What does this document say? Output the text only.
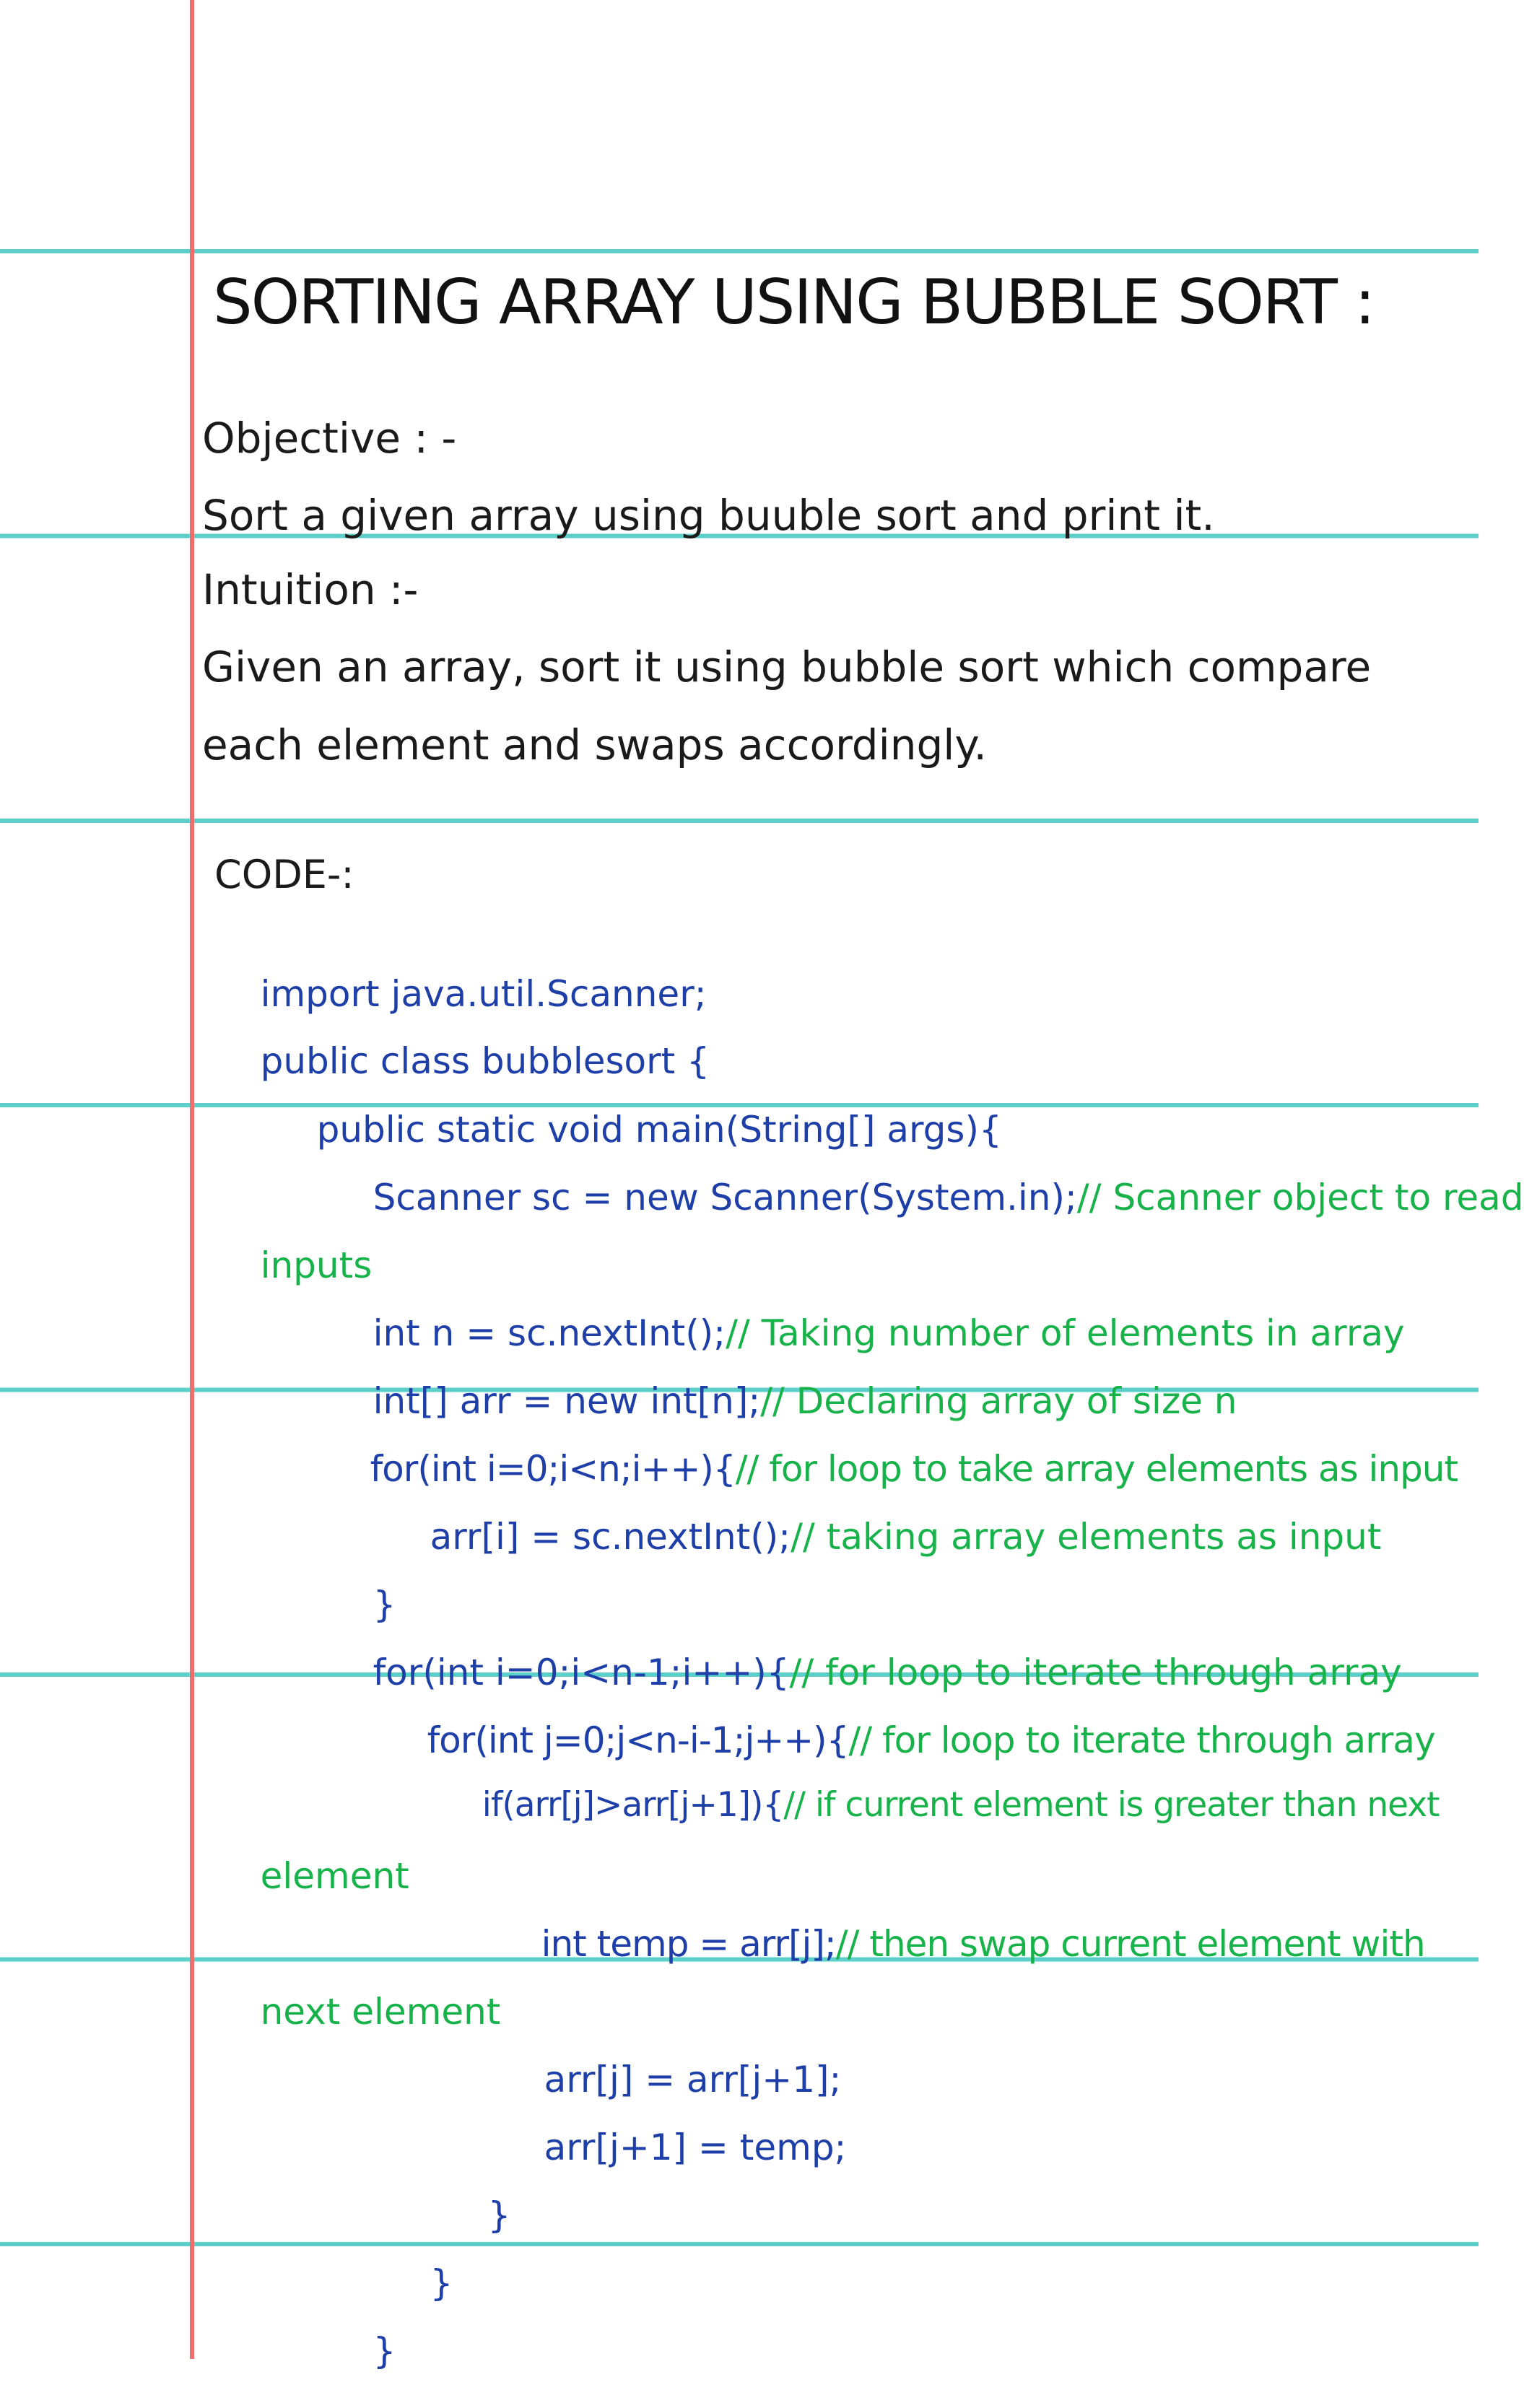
SORTING ARRAY USING BUBBLE SORT :
Objective : -
Sort a given array using buuble sort and print it.
Intuition :-
Given an array, sort it using bubble sort which compare
each element and swaps accordingly.
CODE-:

import java.util.Scanner;

public class bubblesort {

public static void main(String[] args){

Scanner sc = new Scanner(System.in);// Scanner object to read

inputs

int n = sc.nextInt();// Taking number of elements in array

int[] arr = new int[n];// Declaring array of size n

for(int i=0;i<n;i++){// for loop to take array elements as input

arr[i] = sc.nextInt();// taking array elements as input

}

for(int i=0;i<n-1;i++){// for loop to iterate through array

for(int j=0;j<n-i-1;j++){// for loop to iterate through array

if(arr[j]>arr[j+1]){// if current element is greater than next

element

int temp = arr[j];// then swap current element with

next element

arr[j] = arr[j+1];

arr[j+1] = temp;

}

}

}
